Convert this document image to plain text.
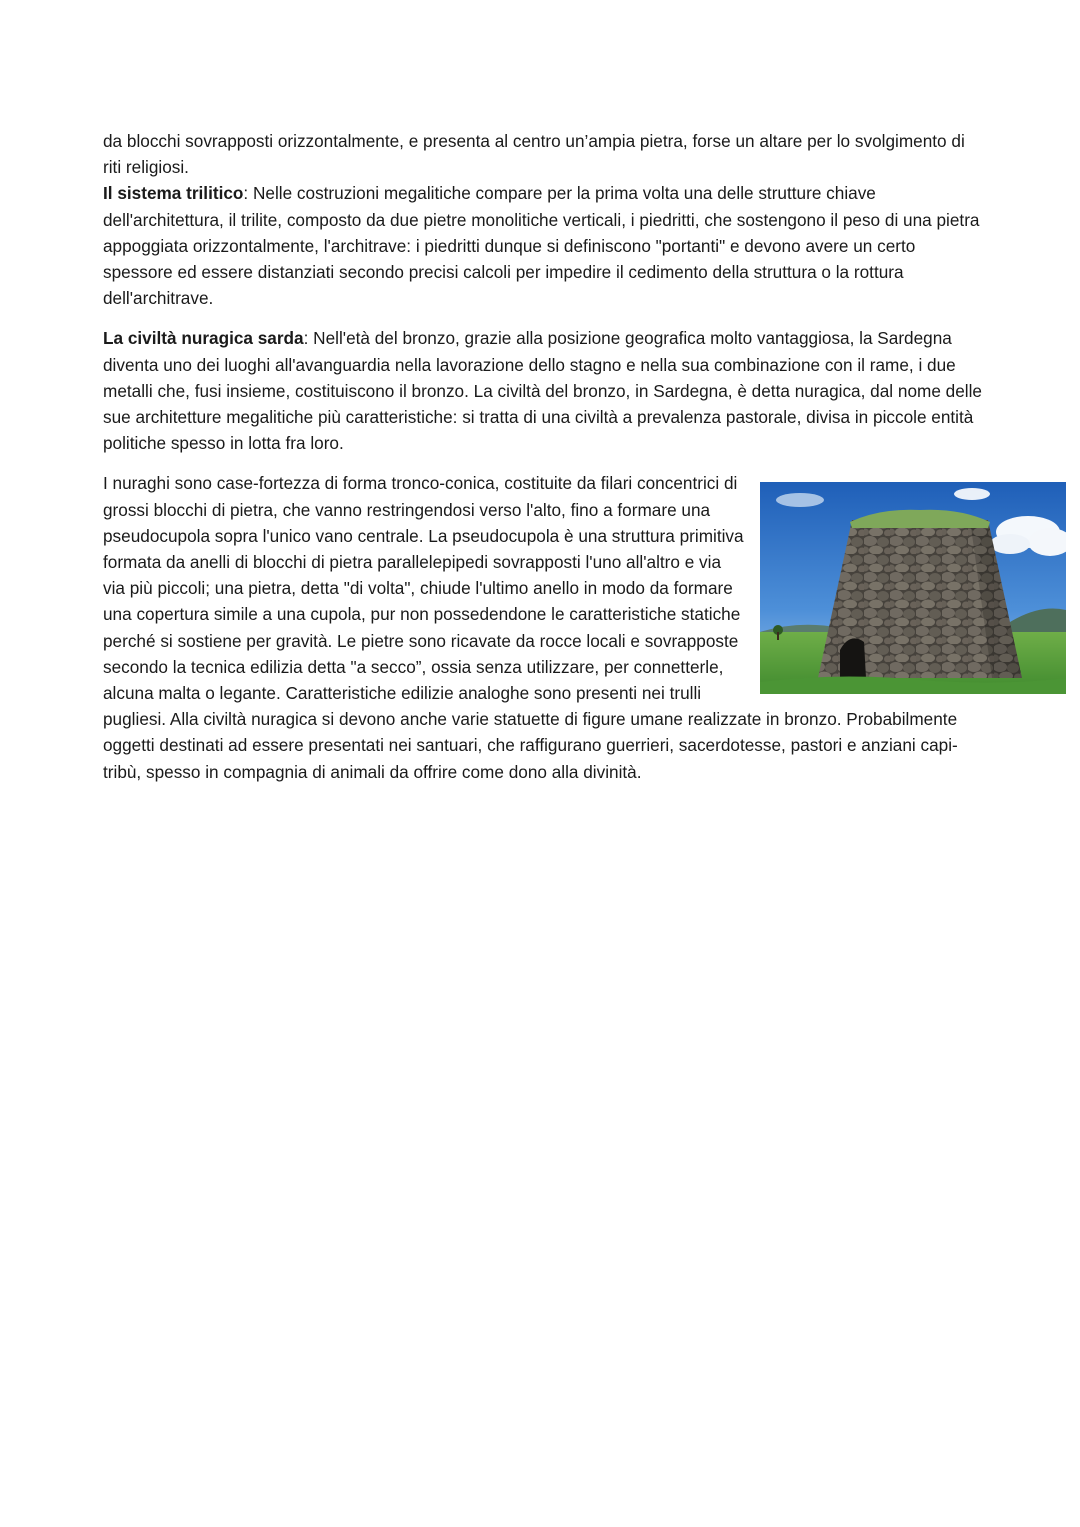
da blocchi sovrapposti orizzontalmente, e presenta al centro un’ampia pietra, forse un altare per lo svolgimento di riti religiosi.

Il sistema trilitico: Nelle costruzioni megalitiche compare per la prima volta una delle strutture chiave dell'architettura, il trilite, composto da due pietre monolitiche verticali, i piedritti, che sostengono il peso di una pietra appoggiata orizzontalmente, l'architrave: i piedritti dunque si definiscono "portanti" e devono avere un certo spessore ed essere distanziati secondo precisi calcoli per impedire il cedimento della struttura o la rottura dell'architrave.

La civiltà nuragica sarda: Nell'età del bronzo, grazie alla posizione geografica molto vantaggiosa, la Sardegna diventa uno dei luoghi all'avanguardia nella lavorazione dello stagno e nella sua combinazione con il rame, i due metalli che, fusi insieme, costituiscono il bronzo. La civiltà del bronzo, in Sardegna, è detta nuragica, dal nome delle sue architetture megalitiche più caratteristiche: si tratta di una civiltà a prevalenza pastorale, divisa in piccole entità politiche spesso in lotta fra loro.

I nuraghi sono case-fortezza di forma tronco-conica, costituite da filari concentrici di grossi blocchi di pietra, che vanno restringendosi verso l'alto, fino a formare una pseudocupola sopra l'unico vano centrale. La pseudocupola è una struttura primitiva formata da anelli di blocchi di pietra parallelepipedi sovrapposti l'uno all'altro e via via più piccoli; una pietra, detta "di volta", chiude l'ultimo anello in modo da formare una copertura simile a una cupola, pur non possedendone le caratteristiche statiche perché si sostiene per gravità. Le pietre sono ricavate da rocce locali e sovrapposte secondo la tecnica edilizia detta "a secco”, ossia senza utilizzare, per connetterle, alcuna malta o legante. Caratteristiche edilizie analoghe sono presenti nei trulli pugliesi. Alla civiltà nuragica si devono anche varie statuette di figure umane realizzate in bronzo. Probabilmente oggetti destinati ad essere presentati nei santuari, che raffigurano guerrieri, sacerdotesse, pastori e anziani capi-tribù, spesso in compagnia di animali da offrire come dono alla divinità.
